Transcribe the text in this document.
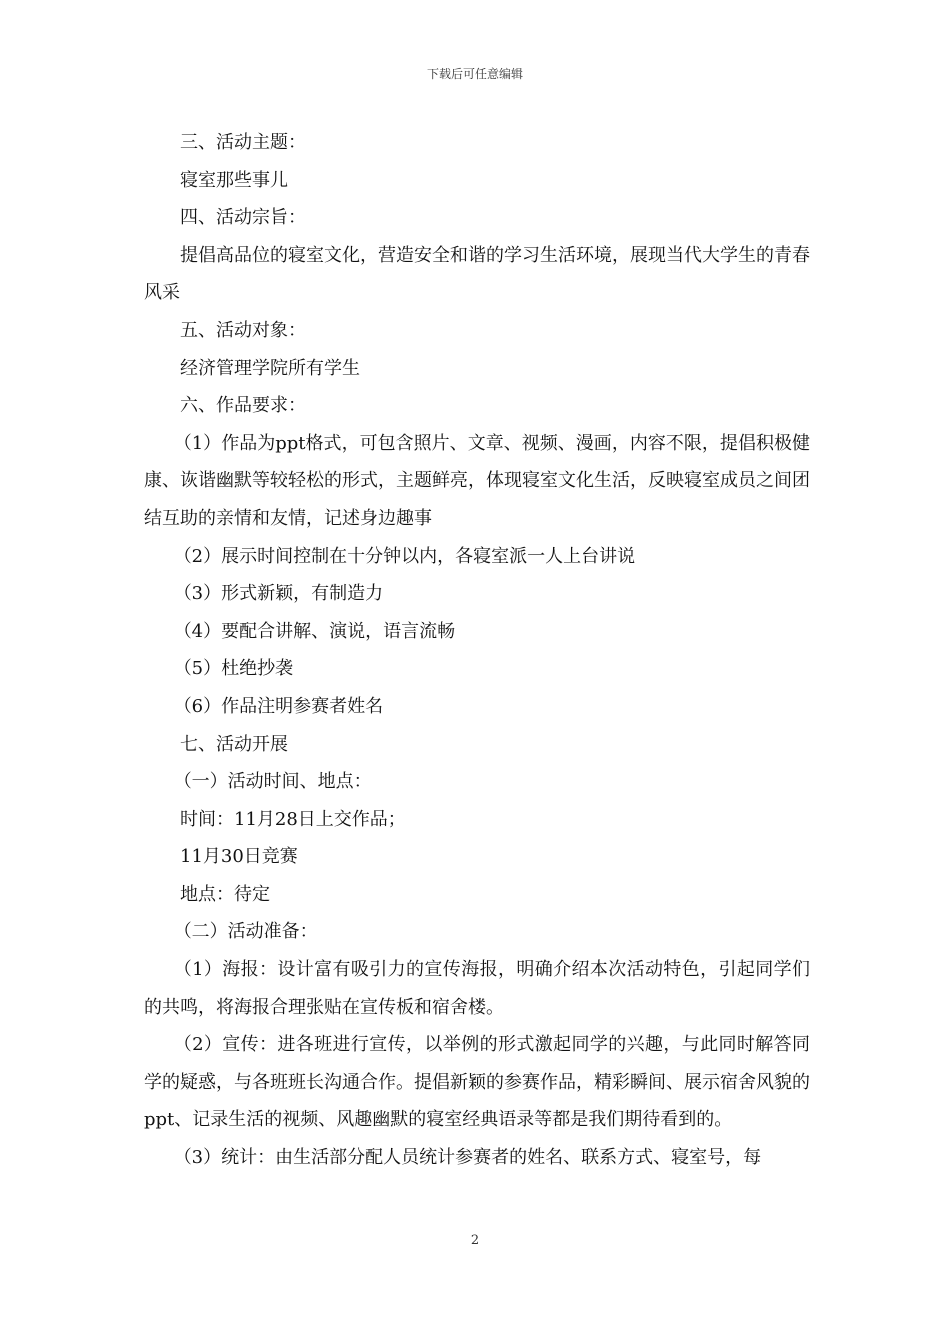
下载后可任意编辑

三、活动主题：

寝室那些事儿

四、活动宗旨：

提倡高品位的寝室文化，营造安全和谐的学习生活环境，展现当代大学生的青春风采

五、活动对象：

经济管理学院所有学生

六、作品要求：

（1）作品为ppt格式，可包含照片、文章、视频、漫画，内容不限，提倡积极健康、诙谐幽默等较轻松的形式，主题鲜亮，体现寝室文化生活，反映寝室成员之间团结互助的亲情和友情，记述身边趣事

（2）展示时间控制在十分钟以内，各寝室派一人上台讲说

（3）形式新颖，有制造力

（4）要配合讲解、演说，语言流畅

（5）杜绝抄袭

（6）作品注明参赛者姓名

七、活动开展

（一）活动时间、地点：

时间：11月28日上交作品；

11月30日竞赛

地点：待定

（二）活动准备：

（1）海报：设计富有吸引力的宣传海报，明确介绍本次活动特色，引起同学们的共鸣，将海报合理张贴在宣传板和宿舍楼。

（2）宣传：进各班进行宣传，以举例的形式激起同学的兴趣，与此同时解答同学的疑惑，与各班班长沟通合作。提倡新颖的参赛作品，精彩瞬间、展示宿舍风貌的ppt、记录生活的视频、风趣幽默的寝室经典语录等都是我们期待看到的。

（3）统计：由生活部分配人员统计参赛者的姓名、联系方式、寝室号，每

2
